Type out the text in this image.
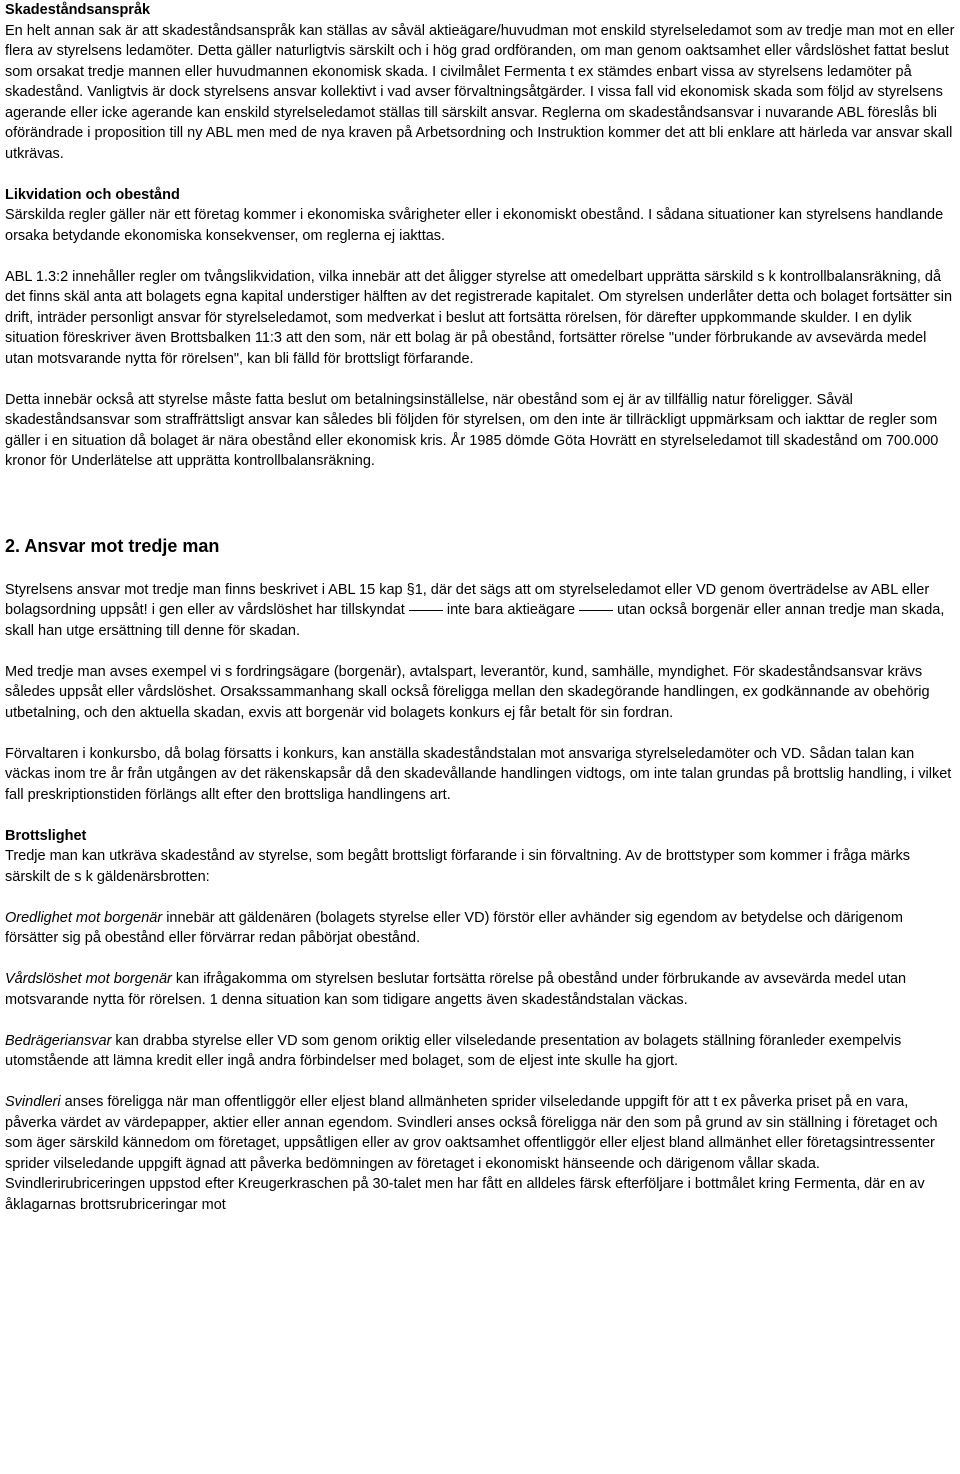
Skadeståndsanspråk

En helt annan sak är att skadeståndsanspråk kan ställas av såväl aktieägare/huvudman mot enskild styrelseledamot som av tredje man mot en eller flera av styrelsens ledamöter. Detta gäller naturligtvis särskilt och i hög grad ordföranden, om man genom oaktsamhet eller vårdslöshet fattat beslut som orsakat tredje mannen eller huvudmannen ekonomisk skada. I civilmålet Fermenta t ex stämdes enbart vissa av styrelsens ledamöter på skadestånd. Vanligtvis är dock styrelsens ansvar kollektivt i vad avser förvaltningsåtgärder. I vissa fall vid ekonomisk skada som följd av styrelsens agerande eller icke agerande kan enskild styrelseledamot ställas till särskilt ansvar. Reglerna om skadeståndsansvar i nuvarande ABL föreslås bli oförändrade i proposition till ny ABL men med de nya kraven på Arbetsordning och Instruktion kommer det att bli enklare att härleda var ansvar skall utkrävas.

Likvidation och obestånd

Särskilda regler gäller när ett företag kommer i ekonomiska svårigheter eller i ekonomiskt obestånd. I sådana situationer kan styrelsens handlande orsaka betydande ekonomiska konsekvenser, om reglerna ej iakttas.

ABL 1.3:2 innehåller regler om tvångslikvidation, vilka innebär att det åligger styrelse att omedelbart upprätta särskild s k kontrollbalansräkning, då det finns skäl anta att bolagets egna kapital understiger hälften av det registrerade kapitalet. Om styrelsen underlåter detta och bolaget fortsätter sin drift, inträder personligt ansvar för styrelseledamot, som medverkat i beslut att fortsätta rörelsen, för därefter uppkommande skulder. I en dylik situation föreskriver även Brottsbalken 11:3 att den som, när ett bolag är på obestånd, fortsätter rörelse "under förbrukande av avsevärda medel utan motsvarande nytta för rörelsen", kan bli fälld för brottsligt förfarande.

Detta innebär också att styrelse måste fatta beslut om betalningsinställelse, när obestånd som ej är av tillfällig natur föreligger. Såväl skadeståndsansvar som straffrättsligt ansvar kan således bli följden för styrelsen, om den inte är tillräckligt uppmärksam och iakttar de regler som gäller i en situation då bolaget är nära obestånd eller ekonomisk kris. År 1985 dömde Göta Hovrätt en styrelseledamot till skadestånd om 700.000 kronor för Underlätelse att upprätta kontrollbalansräkning.

2. Ansvar mot tredje man

Styrelsens ansvar mot tredje man finns beskrivet i ABL 15 kap §1, där det sägs att om styrelseledamot eller VD genom överträdelse av ABL eller bolagsordning uppsåt! i gen eller av vårdslöshet har tillskyndat	inte bara aktieägare	utan också borgenär eller annan tredje man skada, skall han utge ersättning till denne för skadan.

Med tredje man avses exempel vi s fordringsägare (borgenär), avtalspart, leverantör, kund, samhälle, myndighet. För skadeståndsansvar krävs således uppsåt eller vårdslöshet. Orsakssammanhang skall också föreligga mellan den skadegörande handlingen, ex godkännande av obehörig utbetalning, och den aktuella skadan, exvis att borgenär vid bolagets konkurs ej får betalt för sin fordran.

Förvaltaren i konkursbo, då bolag försatts i konkurs, kan anställa skadeståndstalan mot ansvariga styrelseledamöter och VD. Sådan talan kan väckas inom tre år från utgången av det räkenskapsår då den skadevållande handlingen vidtogs, om inte talan grundas på brottslig handling, i vilket fall preskriptionstiden förlängs allt efter den brottsliga handlingens art.

Brottslighet

Tredje man kan utkräva skadestånd av styrelse, som begått brottsligt förfarande i sin förvaltning. Av de brottstyper som kommer i fråga märks särskilt de s k gäldenärsbrotten:

Oredlighet mot borgenär innebär att gäldenären (bolagets styrelse eller VD) förstör eller avhänder sig egendom av betydelse och därigenom försätter sig på obestånd eller förvärrar redan påbörjat obestånd.

Vårdslöshet mot borgenär kan ifrågakomma om styrelsen beslutar fortsätta rörelse på obestånd under förbrukande av avsevärda medel utan motsvarande nytta för rörelsen. 1 denna situation kan som tidigare angetts även skadeståndstalan väckas.

Bedrägeriansvar kan drabba styrelse eller VD som genom oriktig eller vilseledande presentation av bolagets ställning föranleder exempelvis utomstående att lämna kredit eller ingå andra förbindelser med bolaget, som de eljest inte skulle ha gjort.

Svindleri anses föreligga när man offentliggör eller eljest bland allmänheten sprider vilseledande uppgift för att t ex påverka priset på en vara, påverka värdet av värdepapper, aktier eller annan egendom. Svindleri anses också föreligga när den som på grund av sin ställning i företaget och som äger särskild kännedom om företaget, uppsåtligen eller av grov oaktsamhet offentliggör eller eljest bland allmänhet eller företagsintressenter sprider vilseledande uppgift ägnad att påverka bedömningen av företaget i ekonomiskt hänseende och därigenom vållar skada. Svindlerirubriceringen uppstod efter Kreugerkraschen på 30-talet men har fått en alldeles färsk efterföljare i bottmålet kring Fermenta, där en av åklagarnas brottsrubriceringar mot
